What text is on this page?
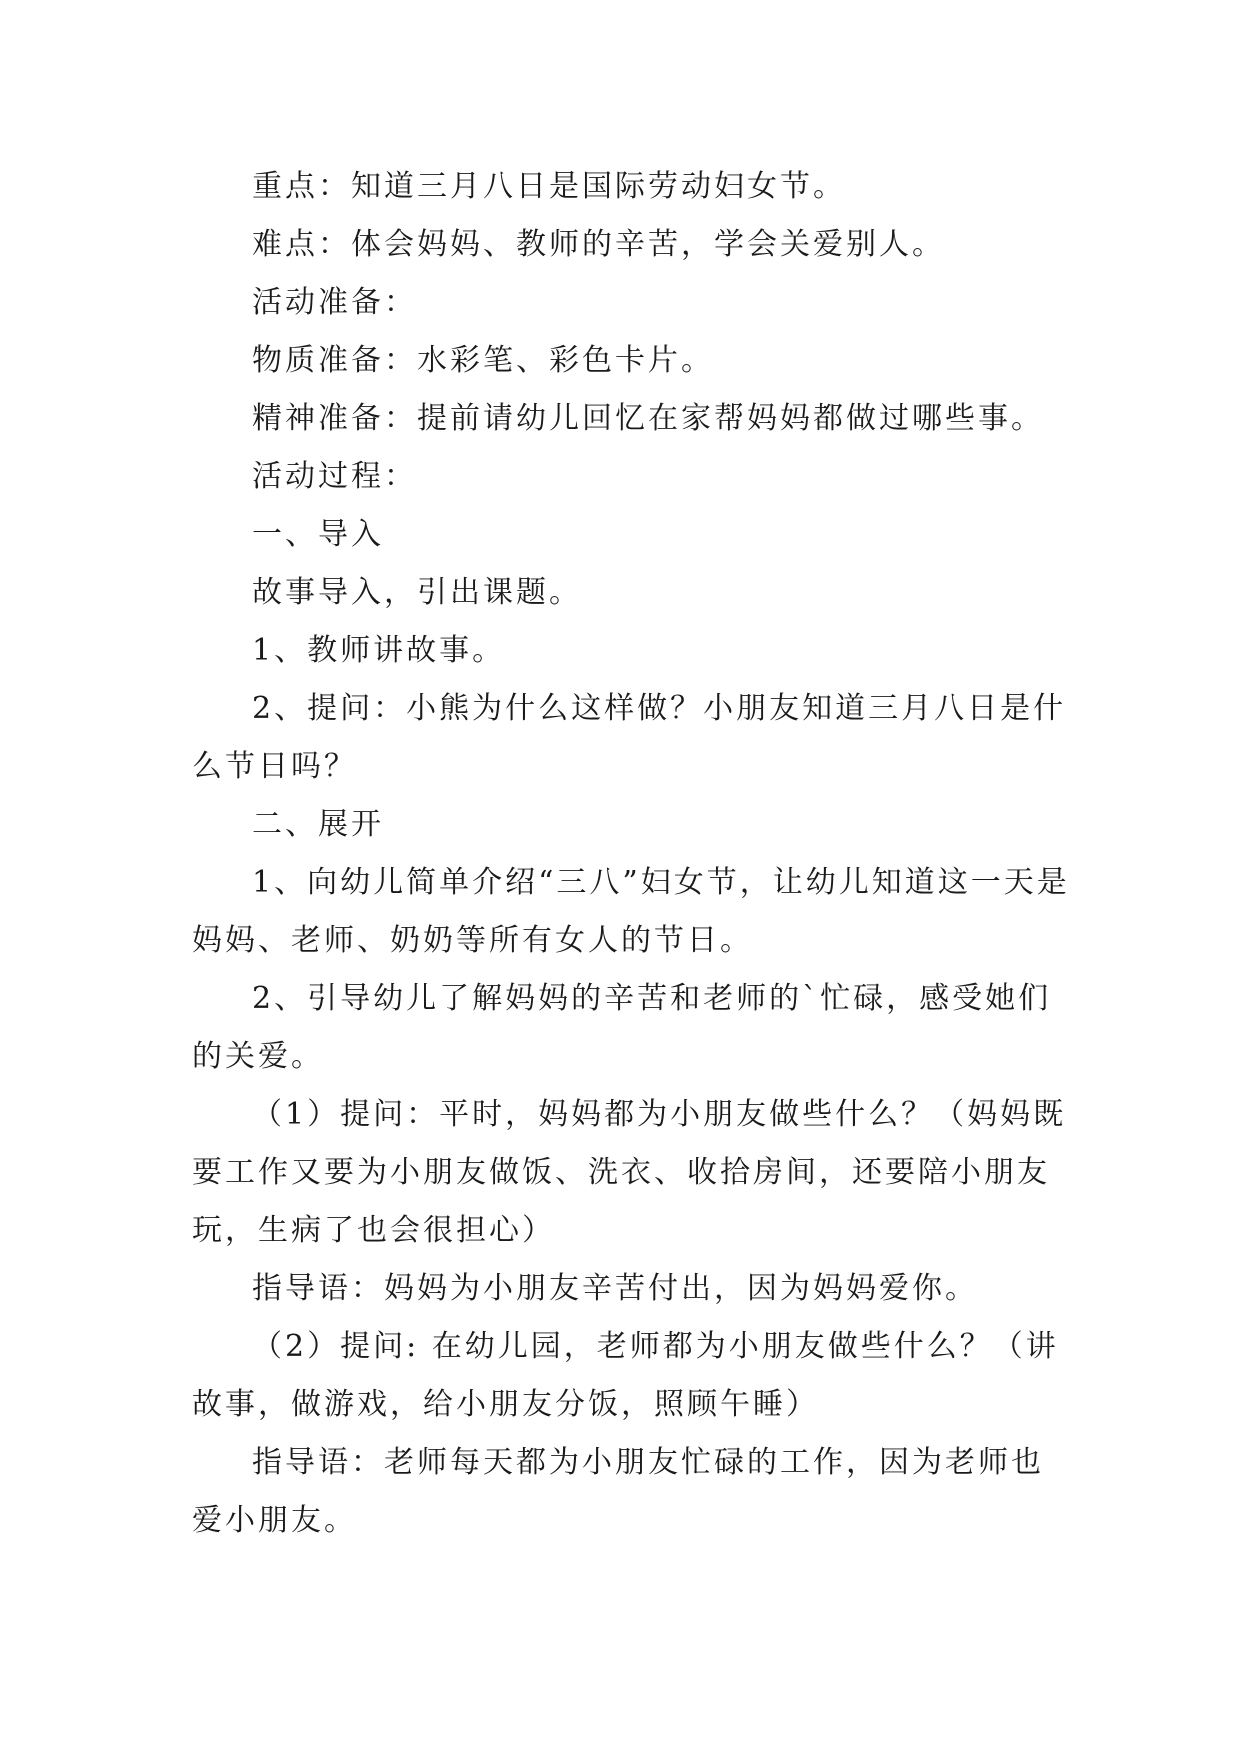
重点：知道三月八日是国际劳动妇女节。

难点：体会妈妈、教师的辛苦，学会关爱别人。

活动准备：

物质准备：水彩笔、彩色卡片。

精神准备：提前请幼儿回忆在家帮妈妈都做过哪些事。

活动过程：

一、导入

故事导入，引出课题。

1、教师讲故事。

2、提问：小熊为什么这样做？小朋友知道三月八日是什么节日吗？

二、展开

1、向幼儿简单介绍“三八”妇女节，让幼儿知道这一天是妈妈、老师、奶奶等所有女人的节日。

2、引导幼儿了解妈妈的辛苦和老师的`忙碌，感受她们的关爱。

（1）提问：平时，妈妈都为小朋友做些什么？（妈妈既要工作又要为小朋友做饭、洗衣、收拾房间，还要陪小朋友玩，生病了也会很担心）

指导语：妈妈为小朋友辛苦付出，因为妈妈爱你。

（2）提问: 在幼儿园，老师都为小朋友做些什么？（讲故事，做游戏，给小朋友分饭，照顾午睡）

指导语：老师每天都为小朋友忙碌的工作，因为老师也爱小朋友。
